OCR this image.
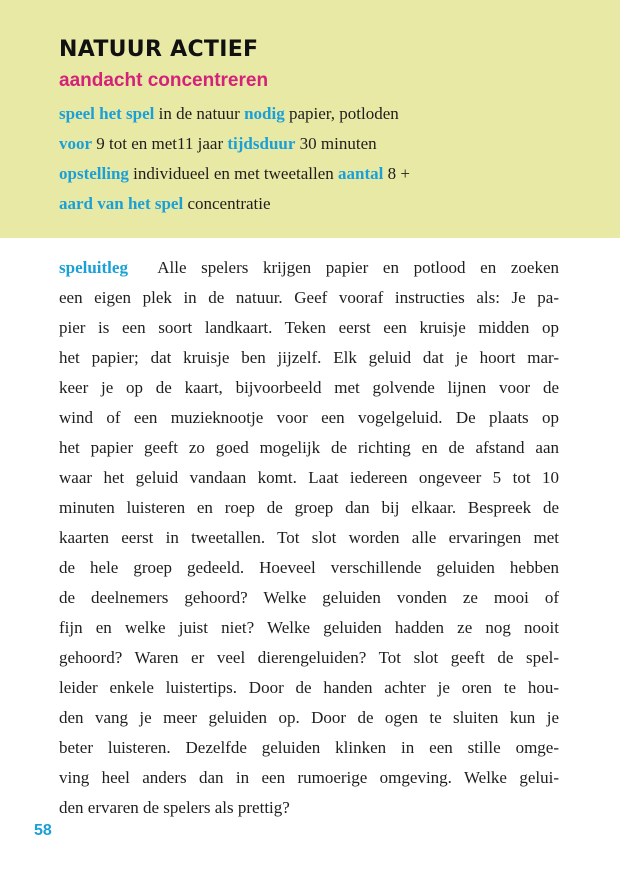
NATUUR ACTIEF
aandacht concentreren

speel het spel in de natuur nodig papier, potloden

voor 9 tot en met11 jaar tijdsduur 30 minuten

opstelling individueel en met tweetallen aantal 8 +

aard van het spel concentratie

speluitleg Alle spelers krijgen papier en potlood en zoeken
een eigen plek in de natuur. Geef vooraf instructies als: Je pa-
pier is een soort landkaart. Teken eerst een kruisje midden op
het papier; dat kruisje ben jijzelf. Elk geluid dat je hoort mar-
keer je op de kaart, bijvoorbeeld met golvende lijnen voor de
wind of een muzieknootje voor een vogelgeluid. De plaats op
het papier geeft zo goed mogelijk de richting en de afstand aan
waar het geluid vandaan komt. Laat iedereen ongeveer 5 tot 10
minuten luisteren en roep de groep dan bij elkaar. Bespreek de
kaarten eerst in tweetallen. Tot slot worden alle ervaringen met
de hele groep gedeeld. Hoeveel verschillende geluiden hebben
de deelnemers gehoord? Welke geluiden vonden ze mooi of
fijn en welke juist niet? Welke geluiden hadden ze nog nooit
gehoord? Waren er veel dierengeluiden? Tot slot geeft de spel-
leider enkele luistertips. Door de handen achter je oren te hou-
den vang je meer geluiden op. Door de ogen te sluiten kun je
beter luisteren. Dezelfde geluiden klinken in een stille omge-
ving heel anders dan in een rumoerige omgeving. Welke gelui-
den ervaren de spelers als prettig?

58
